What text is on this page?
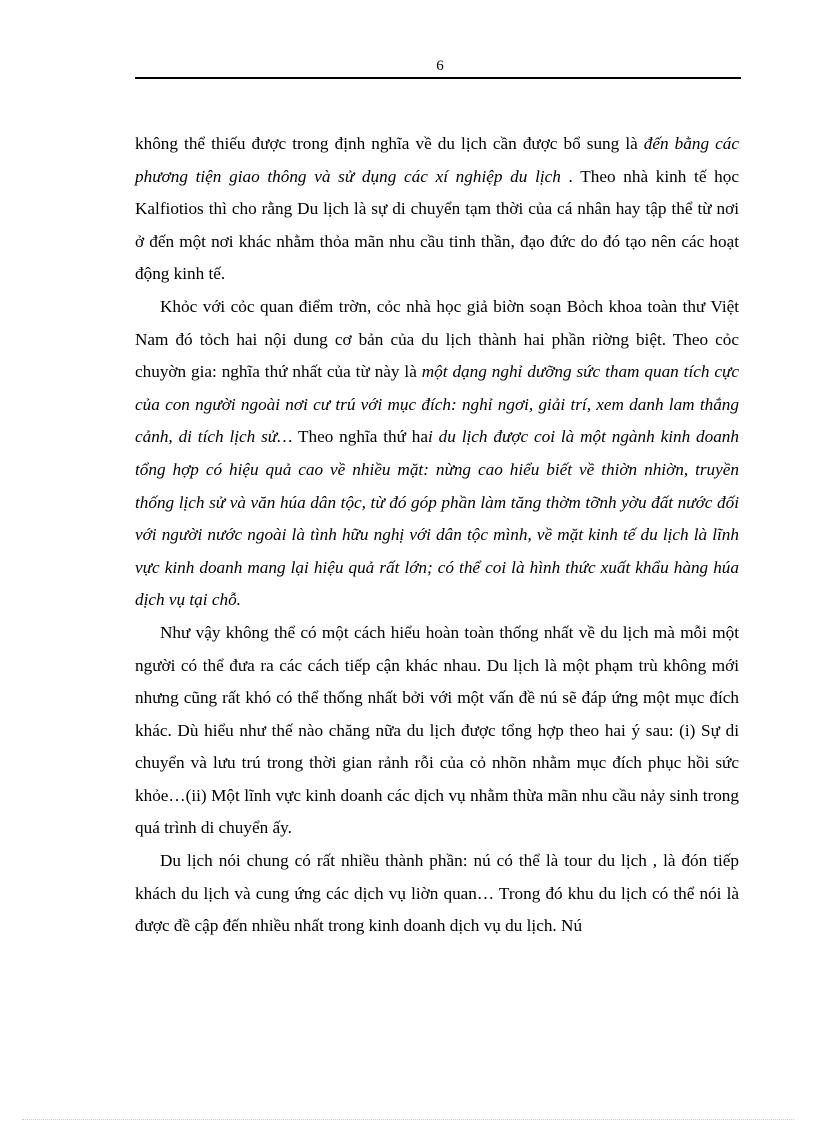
6

không thể thiếu được trong định nghĩa về du lịch cần được bổ sung là đến bằng các phương tiện giao thông và sử dụng các xí nghiệp du lịch . Theo nhà kinh tế học Kalfiotios thì cho rằng Du lịch là sự di chuyển tạm thời của cá nhân hay tập thể từ nơi ở đến một nơi khác nhằm thỏa mãn nhu cầu tinh thần, đạo đức do đó tạo nên các hoạt động kinh tế.

Khỏc với cỏc quan điểm trờn, cỏc nhà học giả biờn soạn Bỏch khoa toàn thư Việt Nam đó tỏch hai nội dung cơ bản của du lịch thành hai phần riờng biệt. Theo cỏc chuyờn gia: nghĩa thứ nhất của từ này là một dạng nghỉ dưỡng sức tham quan tích cực của con người ngoài nơi cư trú với mục đích: nghỉ ngơi, giải trí, xem danh lam thắng cảnh, di tích lịch sử… Theo nghĩa thứ hai du lịch được coi là một ngành kinh doanh tổng hợp có hiệu quả cao về nhiều mặt: nừng cao hiểu biết về thiờn nhiờn, truyền thống lịch sử và văn húa dân tộc, từ đó góp phần làm tăng thờm tỡnh yờu đất nước đối với người nước ngoài là tình hữu nghị với dân tộc mình, về mặt kinh tế du lịch là lĩnh vực kinh doanh mang lại hiệu quả rất lớn; có thể coi là hình thức xuất khẩu hàng húa dịch vụ tại chỗ.

Như vậy không thể có một cách hiểu hoàn toàn thống nhất về du lịch mà mỗi một người có thể đưa ra các cách tiếp cận khác nhau. Du lịch là một phạm trù không mới nhưng cũng rất khó có thể thống nhất bởi với một vấn đề nú sẽ đáp ứng một mục đích khác. Dù hiểu như thế nào chăng nữa du lịch được tổng hợp theo hai ý sau: (i) Sự di chuyển và lưu trú trong thời gian rảnh rỗi của cỏ nhõn nhằm mục đích phục hồi sức khỏe…(ii) Một lĩnh vực kinh doanh các dịch vụ nhằm thừa mãn nhu cầu nảy sinh trong quá trình di chuyển ấy.

Du lịch nói chung có rất nhiều thành phần: nú có thể là tour du lịch , là đón tiếp khách du lịch và cung ứng các dịch vụ liờn quan… Trong đó khu du lịch có thể nói là được đề cập đến nhiều nhất trong kinh doanh dịch vụ du lịch. Nú
